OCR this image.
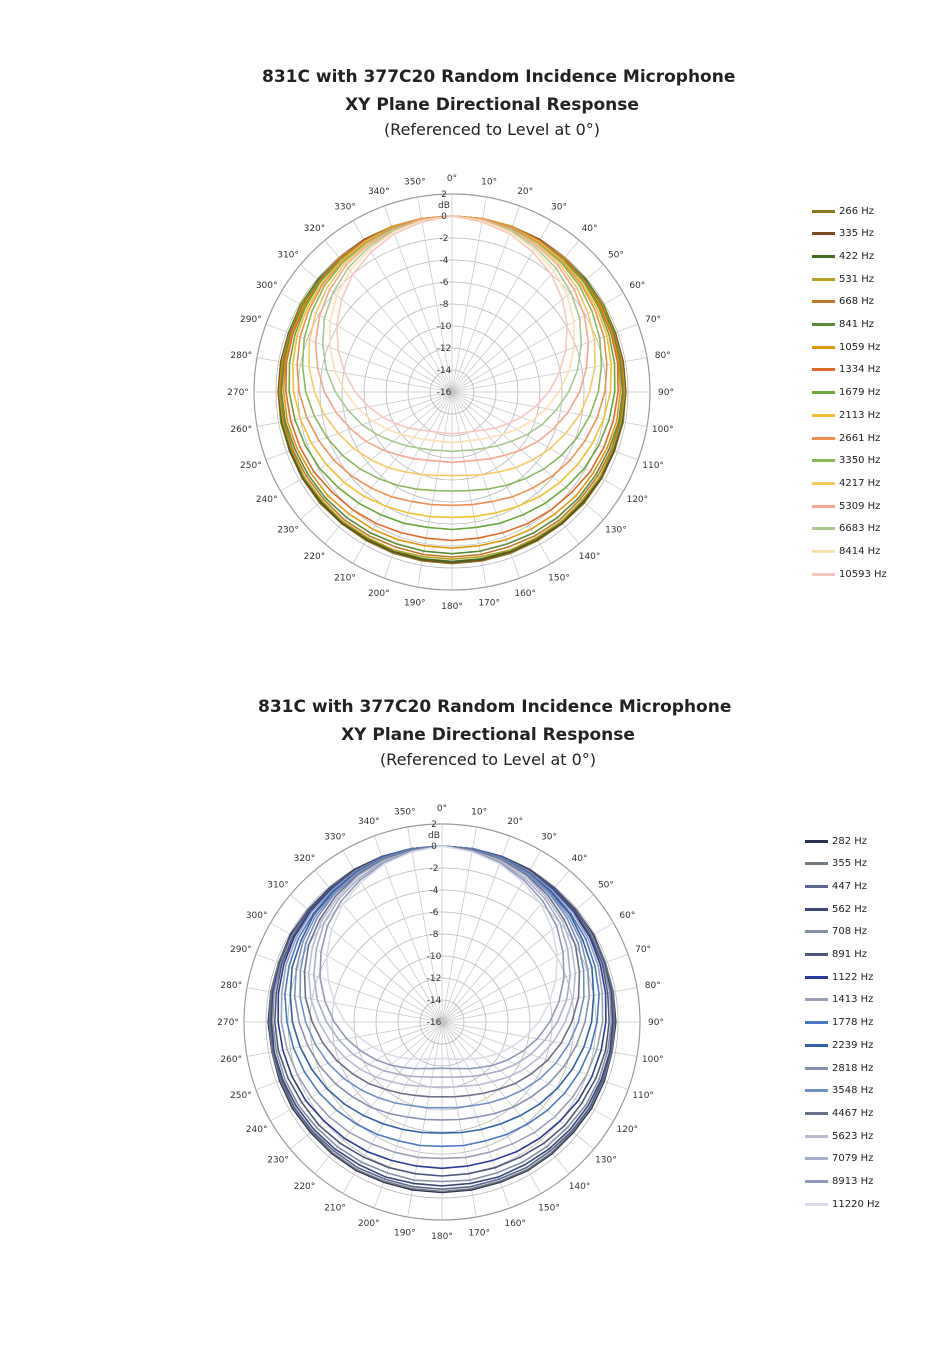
831C with 377C20 Random Incidence Microphone
XY Plane Directional Response
(Referenced to Level at 0°)
2
0
-2
-4
-6
-8
-10
-12
-14
-16
dB
0°	10°
20°
30°
40°
50°
60°
70°
80°
90°
100°
110°
120°
130°
140°
150°
160°
170°
180°
190°
200°
210°
220°
230°
240°
250°
260°
270°
280°
290°
300°
310°
320°
330°
340°
350°
266 Hz
335 Hz
422 Hz
531 Hz
668 Hz
841 Hz
1059 Hz
1334 Hz
1679 Hz
2113 Hz
2661 Hz
3350 Hz
4217 Hz
5309 Hz
6683 Hz
8414 Hz
10593 Hz
831C with 377C20 Random Incidence Microphone
XY Plane Directional Response
(Referenced to Level at 0°)
2
0
-2
-4
-6
-8
-10
-12
-14
-16
dB
0°	10°
20°
30°
40°
50°
60°
70°
80°
90°
100°
110°
120°
130°
140°
150°
160°
170°
180°
190°
200°
210°
220°
230°
240°
250°
260°
270°
280°
290°
300°
310°
320°
330°
340°
350°
282 Hz
355 Hz
447 Hz
562 Hz
708 Hz
891 Hz
1122 Hz
1413 Hz
1778 Hz
2239 Hz
2818 Hz
3548 Hz
4467 Hz
5623 Hz
7079 Hz
8913 Hz
11220 Hz
